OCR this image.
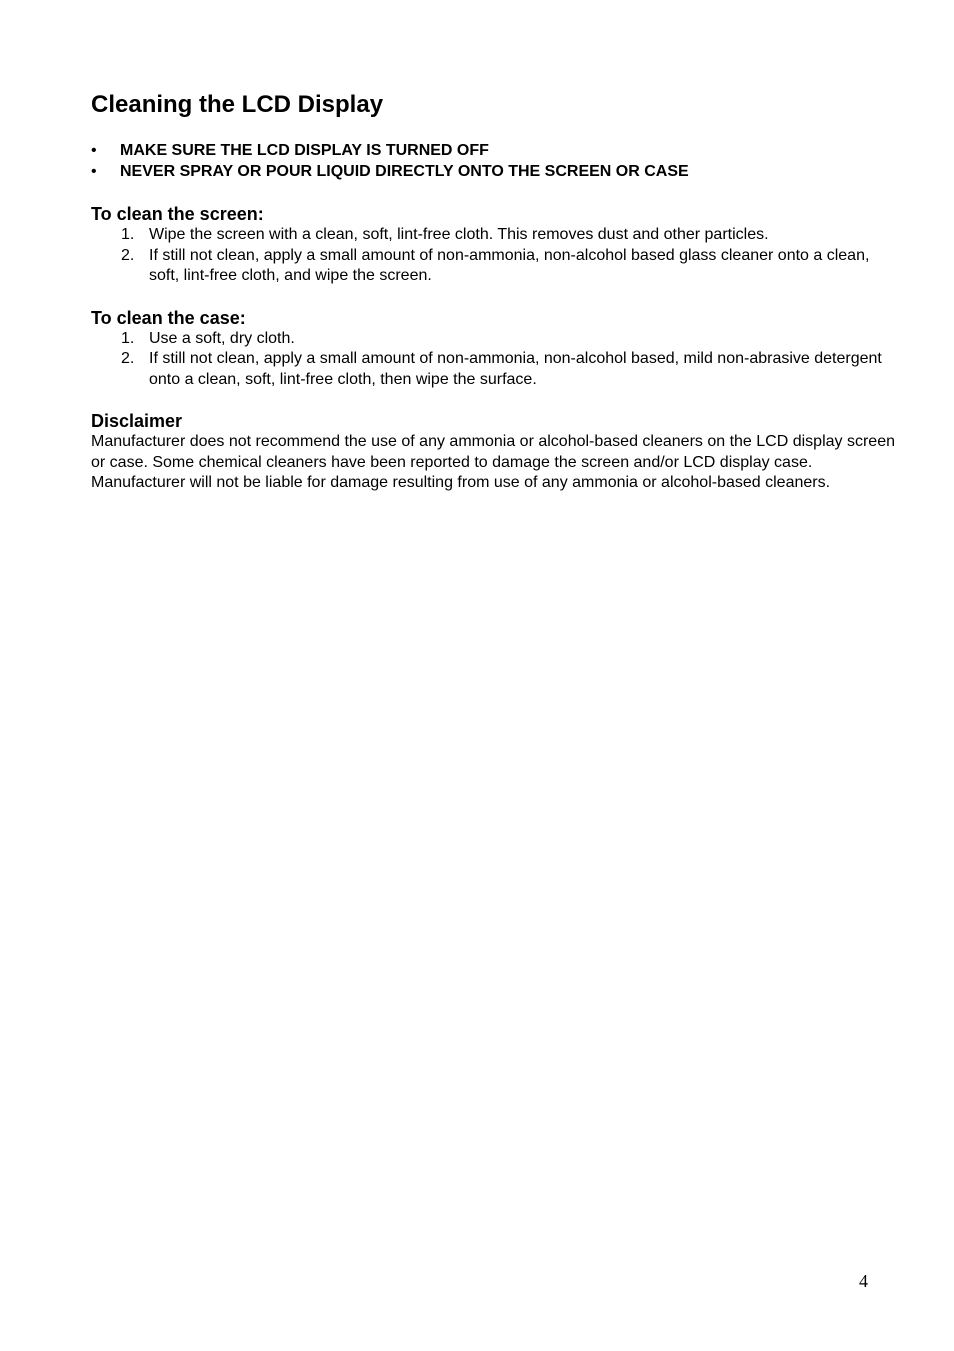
Cleaning the LCD Display
• MAKE SURE THE LCD DISPLAY IS TURNED OFF
• NEVER SPRAY OR POUR LIQUID DIRECTLY ONTO THE SCREEN OR CASE
To clean the screen:
1. Wipe the screen with a clean, soft, lint-free cloth. This removes dust and other particles.
2. If still not clean, apply a small amount of non-ammonia, non-alcohol based glass cleaner onto a clean, soft, lint-free cloth, and wipe the screen.
To clean the case:
1. Use a soft, dry cloth.
2. If still not clean, apply a small amount of non-ammonia, non-alcohol based, mild non-abrasive detergent onto a clean, soft, lint-free cloth, then wipe the surface.
Disclaimer

Manufacturer does not recommend the use of any ammonia or alcohol-based cleaners on the LCD display screen or case. Some chemical cleaners have been reported to damage the screen and/or LCD display case. Manufacturer will not be liable for damage resulting from use of any ammonia or alcohol-based cleaners.

4
